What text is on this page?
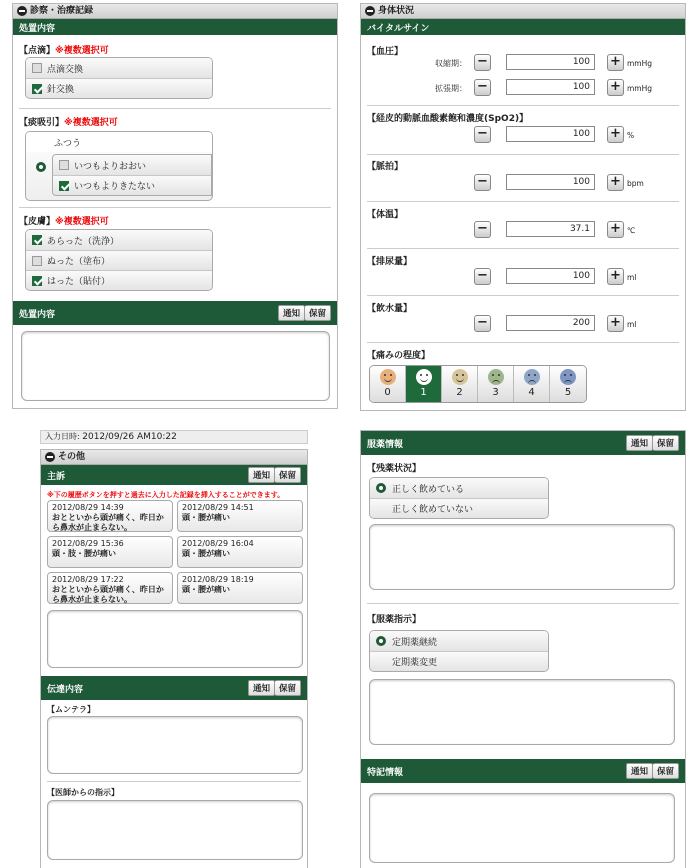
診察・治療記録
処置内容
【点滴】※複数選択可
点滴交換
針交換
【痰吸引】※複数選択可
ふつう
いつもよりおおい
いつもよりきたない
【皮膚】※複数選択可
あらった（洗浄）
ぬった（塗布）
はった（貼付）
処置内容	通知	保留
身体状況
バイタルサイン
【血圧】
収縮期： −	100	+ mmHg
拡張期： −	100	+ mmHg
【経皮的動脈血酸素飽和濃度(SpO2)】
−	100	+ %
【脈拍】
−	100	+ bpm
【体温】
−	37.1	+ ℃
【排尿量】
−	100	+ ml
【飲水量】
−	200	+ ml
【痛みの程度】
0	1	2	3	4	5
入力日時: 2012/09/26 AM10:22
その他
主訴	通知	保留
※下の履歴ボタンを押すと過去に入力した記録を挿入することができます。
2012/08/29 14:39
おとといから頭が痛く、昨日から鼻水が止まらない。
2012/08/29 14:51
頭・腰が痛い
2012/08/29 15:36
頭・肢・腰が痛い
2012/08/29 16:04
頭・腰が痛い
2012/08/29 17:22
おとといから頭が痛く、昨日から鼻水が止まらない。
2012/08/29 18:19
頭・腰が痛い
伝達内容	通知	保留
【ムンテラ】
【医師からの指示】
服薬情報	通知	保留
【残薬状況】
正しく飲めている
正しく飲めていない
【服薬指示】
定期薬継続
定期薬変更
特記情報	通知	保留
